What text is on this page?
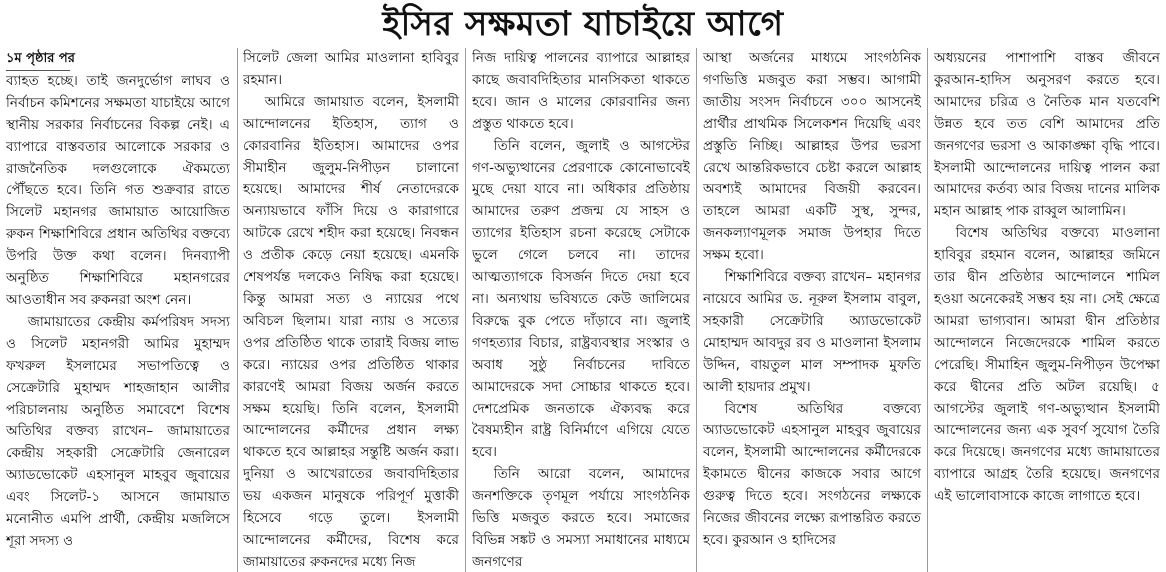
ইসির সক্ষমতা যাচাইয়ে আগে
১ম পৃষ্ঠার পর

ব্যাহত হচ্ছে। তাই জনদুর্ভোগ লাঘব ও নির্বাচন কমিশনের সক্ষমতা যাচাইয়ে আগে স্থানীয় সরকার নির্বাচনের বিকল্প নেই। এ ব্যাপারে বাস্তবতার আলোকে সরকার ও রাজনৈতিক দলগুলোকে ঐকমত্যে পৌঁছতে হবে। তিনি গত শুক্রবার রাতে সিলেট মহানগর জামায়াত আয়োজিত রুকন শিক্ষাশিবিরে প্রধান অতিথির বক্তব্যে উপরি উক্ত কথা বলেন। দিনব্যাপী অনুষ্ঠিত শিক্ষাশিবিরে মহানগরের আওতাধীন সব রুকনরা অংশ নেন।

জামায়াতের কেন্দ্রীয় কর্মপরিষদ সদস্য ও সিলেট মহানগরী আমির মুহাম্মদ ফখরুল ইসলামের সভাপতিত্বে ও সেক্রেটারি মুহাম্মদ শাহজাহান আলীর পরিচালনায় অনুষ্ঠিত সমাবেশে বিশেষ অতিথির বক্তব্য রাখেন– জামায়াতের কেন্দ্রীয় সহকারী সেক্রেটারি জেনারেল অ্যাডভোকেট এহসানুল মাহবুব জুবায়ের এবং সিলেট-১ আসনে জামায়াত মনোনীত এমপি প্রার্থী, কেন্দ্রীয় মজলিসে শূরা সদস্য ও

সিলেট জেলা আমির মাওলানা হাবিবুর রহমান।

আমিরে জামায়াত বলেন, ইসলামী আন্দোলনের ইতিহাস, ত্যাগ ও কোরবানির ইতিহাস। আমাদের ওপর সীমাহীন জুলুম-নিপীড়ন চালানো হয়েছে। আমাদের শীর্ষ নেতাদেরকে অন্যায়ভাবে ফাঁসি দিয়ে ও কারাগারে আটকে রেখে শহীদ করা হয়েছে। নিবন্ধন ও প্রতীক কেড়ে নেয়া হয়েছে। এমনকি শেষপর্যন্ত দলকেও নিষিদ্ধ করা হয়েছে। কিন্তু আমরা সত্য ও ন্যায়ের পথে অবিচল ছিলাম। যারা ন্যায় ও সত্যের ওপর প্রতিষ্ঠিত থাকে তারাই বিজয় লাভ করে। ন্যায়ের ওপর প্রতিষ্ঠিত থাকার কারণেই আমরা বিজয় অর্জন করতে সক্ষম হয়েছি। তিনি বলেন, ইসলামী আন্দোলনের কর্মীদের প্রধান লক্ষ্য থাকতে হবে আল্লাহর সন্তুষ্টি অর্জন করা। দুনিয়া ও আখেরাতের জবাবদিহিতার ভয় একজন মানুষকে পরিপূর্ণ মুত্তাকী হিসেবে গড়ে তুলে। ইসলামী আন্দোলনের কর্মীদের, বিশেষ করে জামায়াতের রুকনদের মধ্যে নিজ

নিজ দায়িত্ব পালনের ব্যাপারে আল্লাহর কাছে জবাবদিহিতার মানসিকতা থাকতে হবে। জান ও মালের কোরবানির জন্য প্রস্তুত থাকতে হবে।

তিনি বলেন, জুলাই ও আগস্টের গণ-অভ্যুত্থানের প্রেরণাকে কোনোভাবেই মুছে দেয়া যাবে না। অধিকার প্রতিষ্ঠায় আমাদের তরুণ প্রজন্ম যে সাহস ও ত্যাগের ইতিহাস রচনা করেছে সেটাকে ভুলে গেলে চলবে না। তাদের আত্মত্যাগকে বিসর্জন দিতে দেয়া হবে না। অন্যথায় ভবিষ্যতে কেউ জালিমের বিরুদ্ধে বুক পেতে দাঁড়াবে না। জুলাই গণহত্যার বিচার, রাষ্ট্রব্যবস্থার সংস্কার ও অবাধ সুষ্ঠু নির্বাচনের দাবিতে আমাদেরকে সদা সোচ্চার থাকতে হবে। দেশপ্রেমিক জনতাকে ঐক্যবদ্ধ করে বৈষম্যহীন রাষ্ট্র বিনির্মাণে এগিয়ে যেতে হবে।

তিনি আরো বলেন, আমাদের জনশক্তিকে তৃণমূল পর্যায়ে সাংগঠনিক ভিত্তি মজবুত করতে হবে। সমাজের বিভিন্ন সঙ্কট ও সমস্যা সমাধানের মাধ্যমে জনগণের

আস্থা অর্জনের মাধ্যমে সাংগঠনিক গণভিত্তি মজবুত করা সম্ভব। আগামী জাতীয় সংসদ নির্বাচনে ৩০০ আসনেই প্রার্থীর প্রাথমিক সিলেকশন দিয়েছি এবং প্রস্তুতি নিচ্ছি। আল্লাহর উপর ভরসা রেখে আন্তরিকভাবে চেষ্টা করলে আল্লাহ অবশ্যই আমাদের বিজয়ী করবেন। তাহলে আমরা একটি সুস্থ, সুন্দর, জনকল্যাণমূলক সমাজ উপহার দিতে সক্ষম হবো।

শিক্ষাশিবিরে বক্তব্য রাখেন– মহানগর নায়েবে আমির ড. নূরুল ইসলাম বাবুল, সহকারী সেক্রেটারি অ্যাডভোকেট মোহাম্মদ আবদুর রব ও মাওলানা ইসলাম উদ্দিন, বায়তুল মাল সম্পাদক মুফতি আলী হায়দার প্রমুখ।

বিশেষ অতিথির বক্তব্যে অ্যাডভোকেট এহসানুল মাহবুব জুবায়ের বলেন, ইসলামী আন্দোলনের কর্মীদেরকে ইকামতে দ্বীনের কাজকে সবার আগে গুরুত্ব দিতে হবে। সংগঠনের লক্ষ্যকে নিজের জীবনের লক্ষ্যে রূপান্তরিত করতে হবে। কুরআন ও হাদিসের

অধ্যয়নের পাশাপাশি বাস্তব জীবনে কুরআন-হাদিস অনুসরণ করতে হবে। আমাদের চরিত্র ও নৈতিক মান যতবেশি উন্নত হবে তত বেশি আমাদের প্রতি জনগণের ভরসা ও আকাঙ্ক্ষা বৃদ্ধি পাবে। ইসলামী আন্দোলনের দায়িত্ব পালন করা আমাদের কর্তব্য আর বিজয় দানের মালিক মহান আল্লাহ পাক রাব্বুল আলামিন।

বিশেষ অতিথির বক্তব্যে মাওলানা হাবিবুর রহমান বলেন, আল্লাহর জমিনে তার দ্বীন প্রতিষ্ঠার আন্দোলনে শামিল হওয়া অনেকেরই সম্ভব হয় না। সেই ক্ষেত্রে আমরা ভাগ্যবান। আমরা দ্বীন প্রতিষ্ঠার আন্দোলনে নিজেদেরকে শামিল করতে পেরেছি। সীমাহিন জুলুম-নিপীড়ন উপেক্ষা করে দ্বীনের প্রতি অটল রয়েছি। ৫ আগস্টের জুলাই গণ-অভ্যুত্থান ইসলামী আন্দোলনের জন্য এক সুবর্ণ সুযোগ তৈরি করে দিয়েছে। জনগণের মধ্যে জামায়াতের ব্যাপারে আগ্রহ তৈরি হয়েছে। জনগণের এই ভালোবাসাকে কাজে লাগাতে হবে।
